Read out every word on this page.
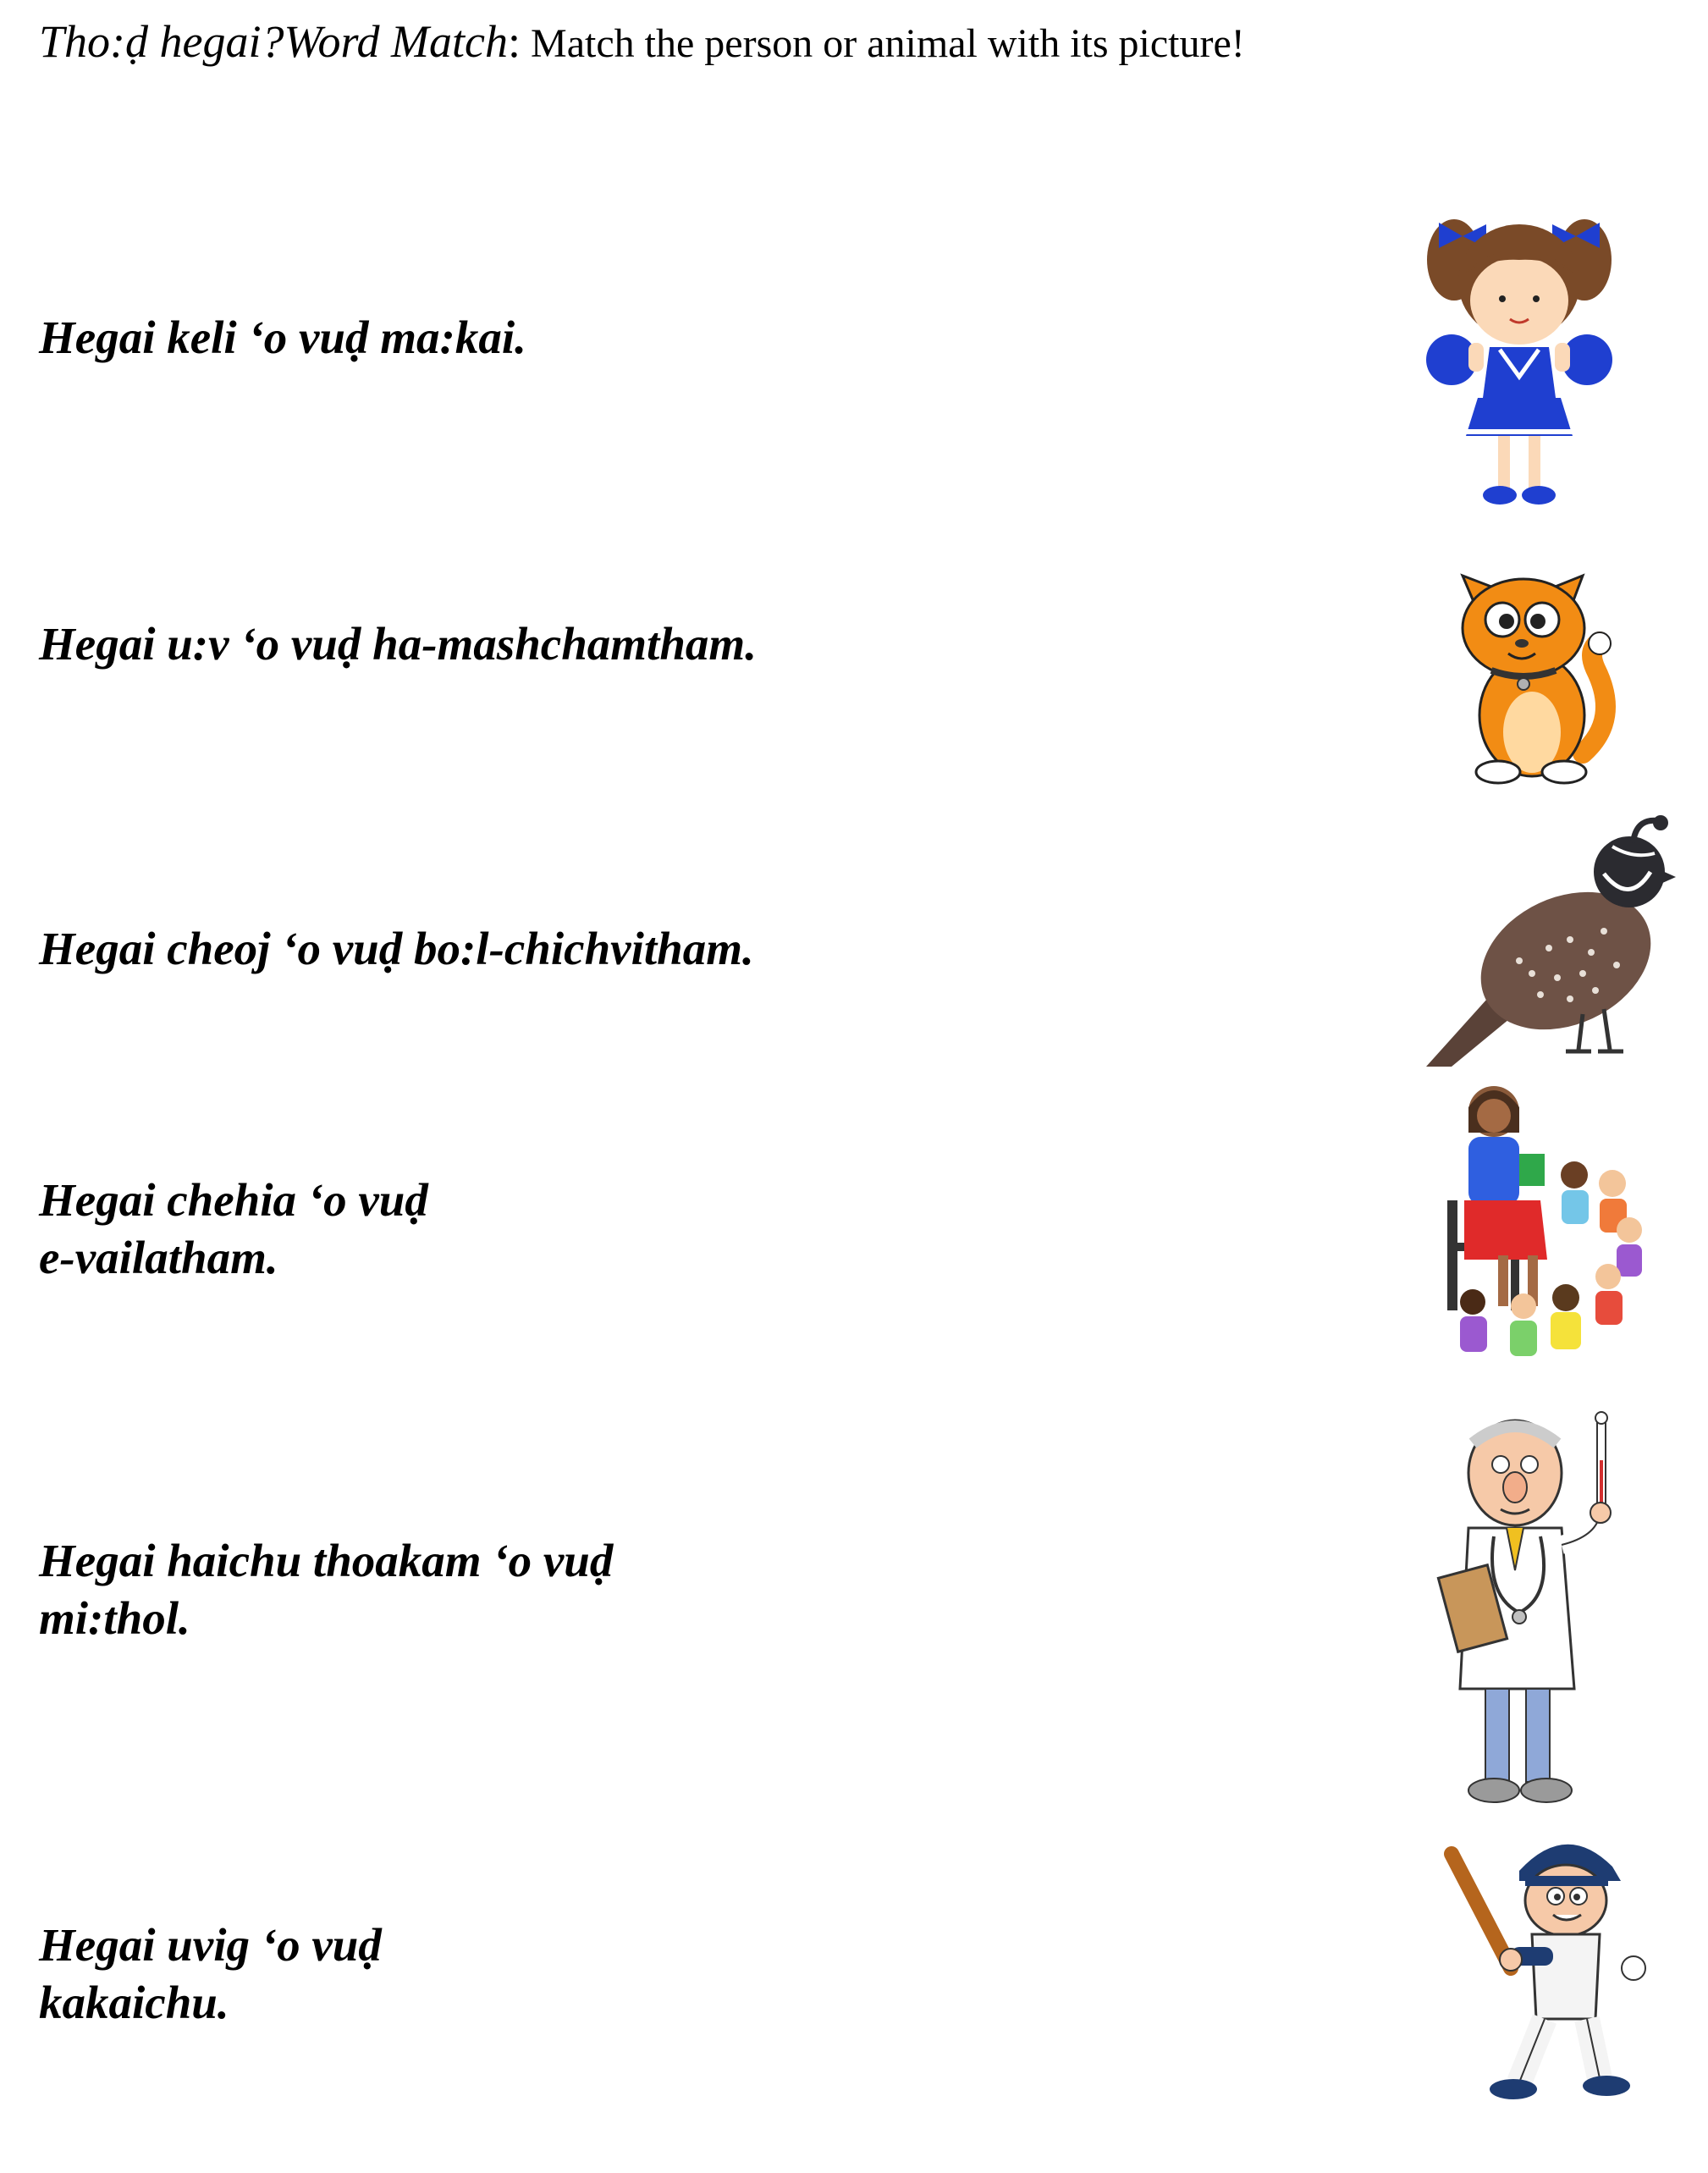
Tho:ḍ hegai?Word Match: Match the person or animal with its picture!
Hegai keli ‘o vuḍ ma:kai.
Hegai u:v ‘o vuḍ ha-mashchamtham.
Hegai cheoj ‘o vuḍ bo:l-chichvitham.
Hegai chehia ‘o vuḍ
e-vailatham.
Hegai haichu thoakam ‘o vuḍ
mi:thol.
Hegai uvig ‘o vuḍ
kakaichu.
